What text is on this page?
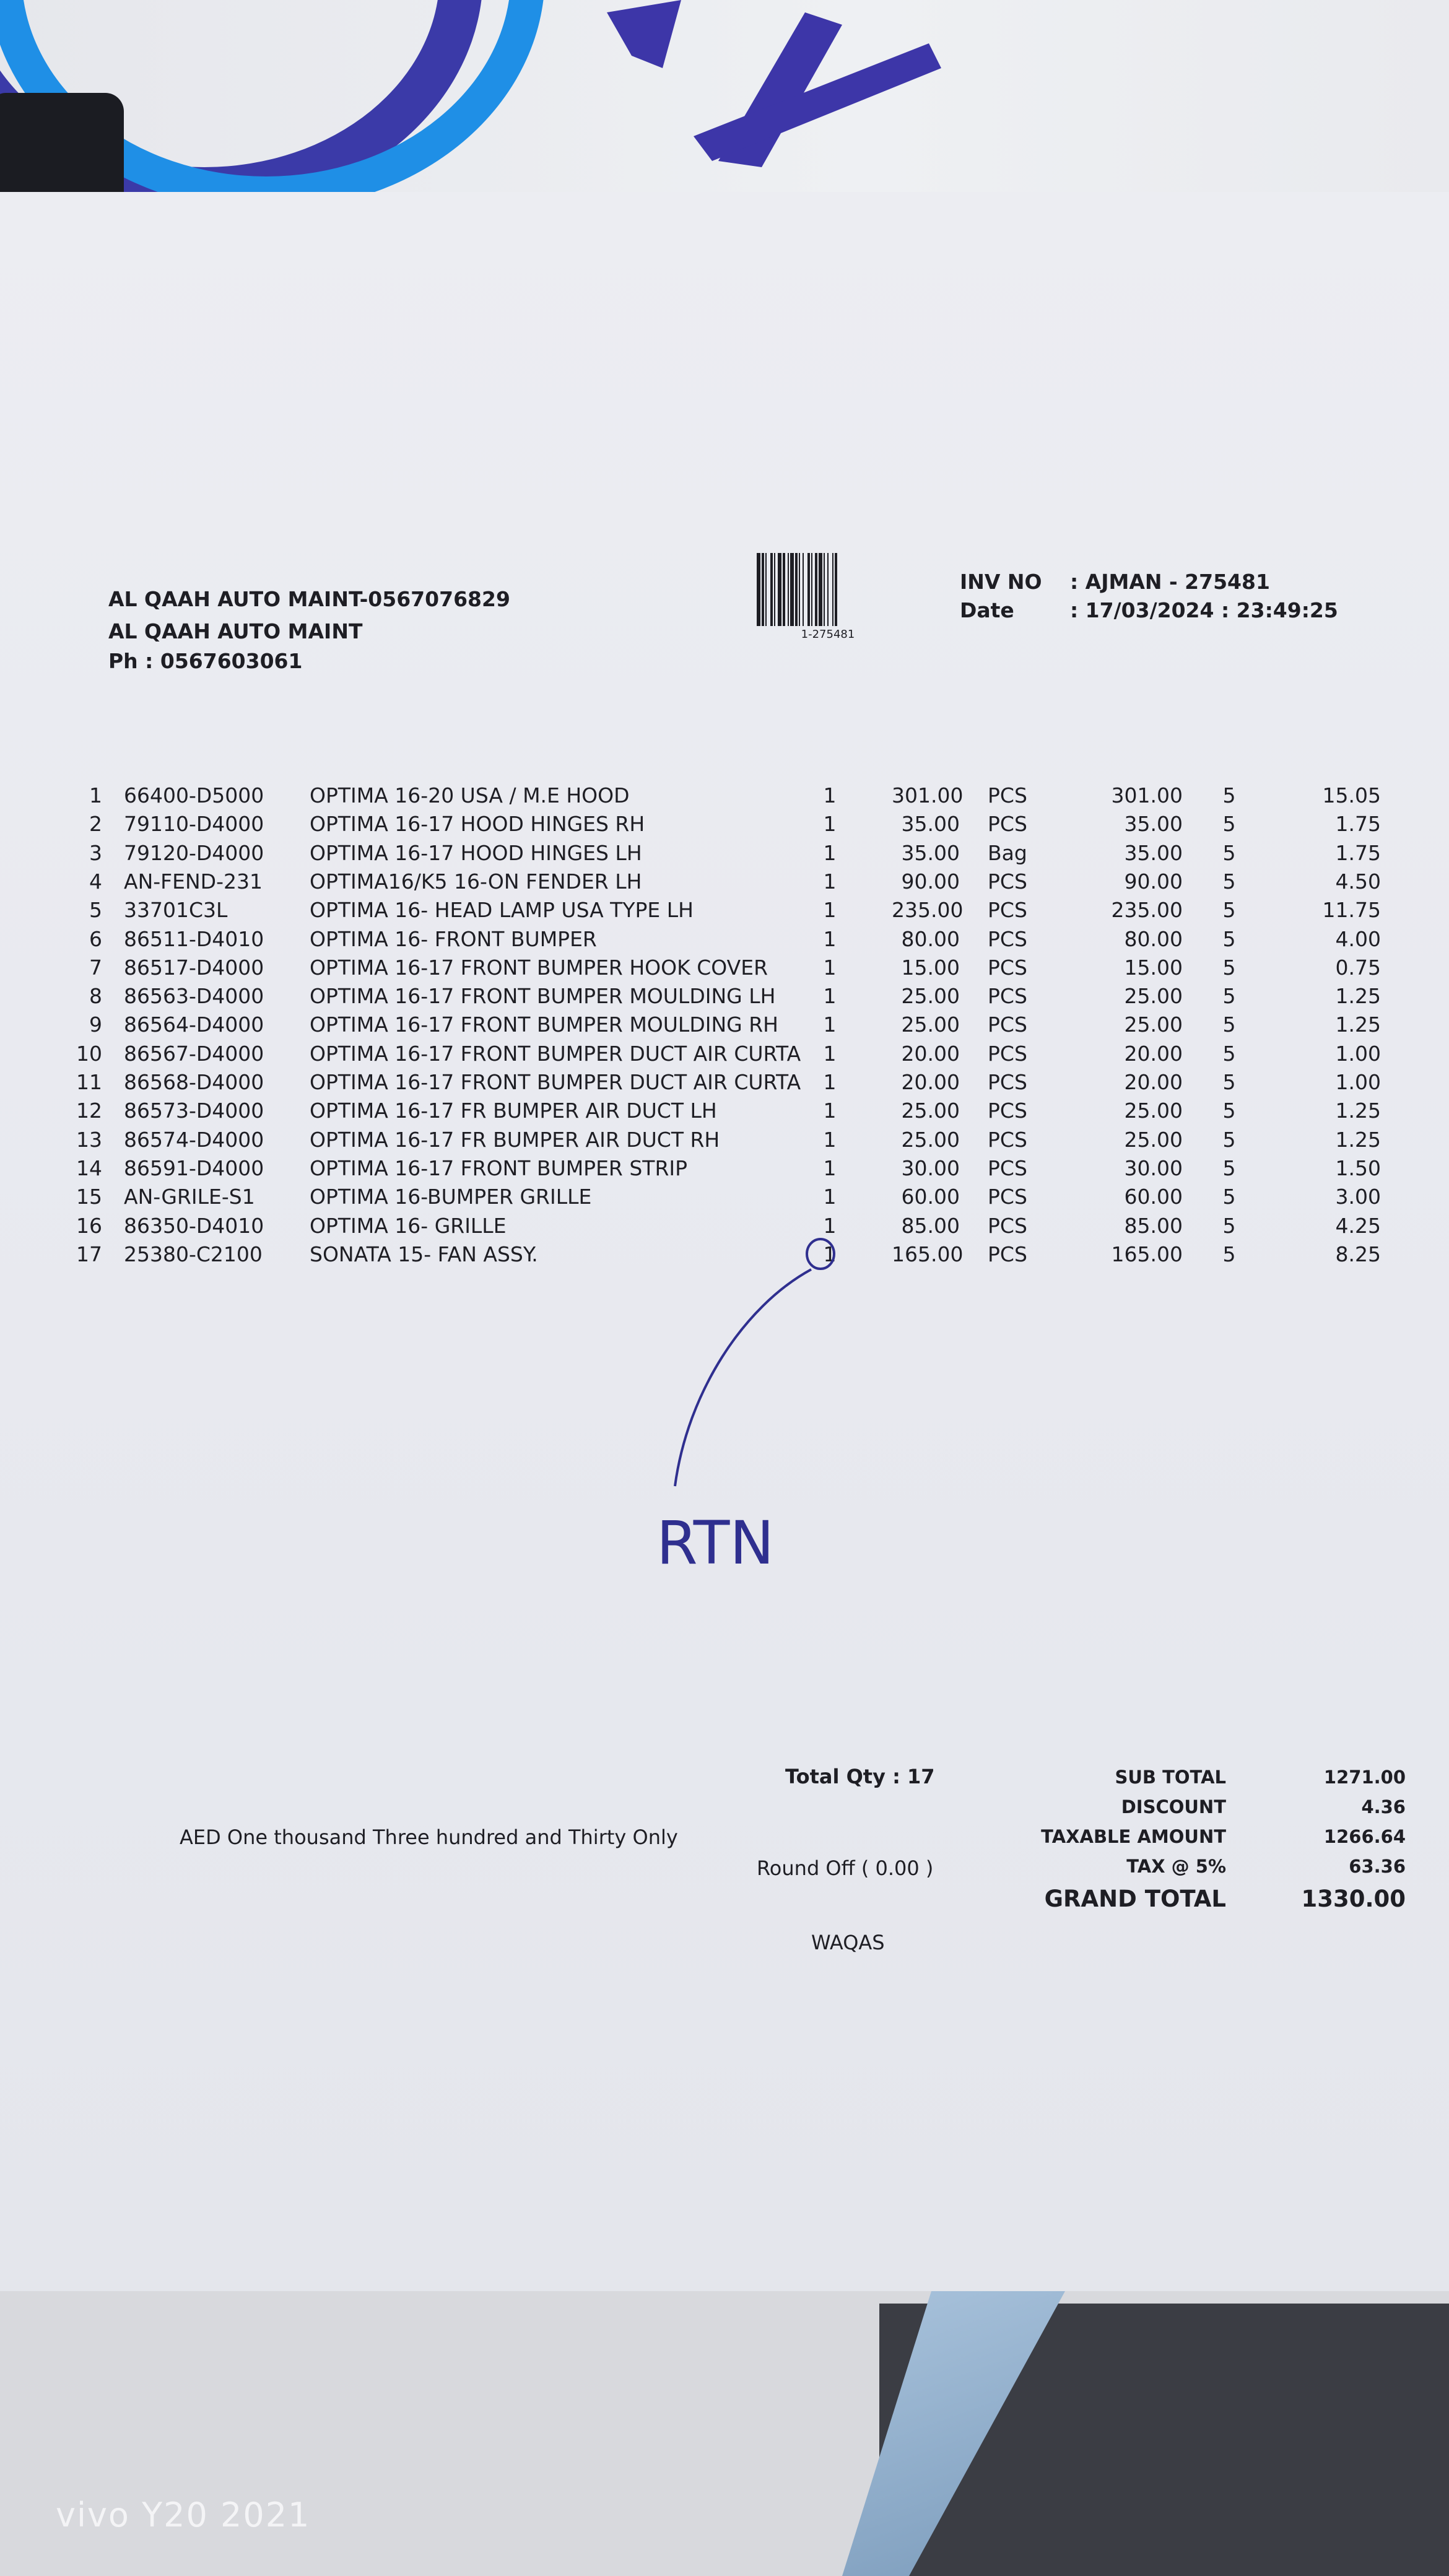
AL QAAH AUTO MAINT-0567076829
AL QAAH AUTO MAINT
Ph : 0567603061
1-275481
INV NO : AJMAN - 275481
Date	: 17/03/2024 : 23:49:25
1 66400-D5000 OPTIMA 16-20 USA / M.E HOOD	1	301.00 PCS	301.00 5	15.05
2 79110-D4000 OPTIMA 16-17 HOOD HINGES RH	1	35.00 PCS	35.00 5	1.75
3 79120-D4000 OPTIMA 16-17 HOOD HINGES LH	1	35.00 Bag	35.00 5	1.75
4 AN-FEND-231 OPTIMA16/K5 16-ON FENDER LH	1	90.00 PCS	90.00 5	4.50
5 33701C3L	OPTIMA 16- HEAD LAMP USA TYPE LH	1	235.00 PCS	235.00 5	11.75
6 86511-D4010 OPTIMA 16- FRONT BUMPER	1	80.00 PCS	80.00 5	4.00
7 86517-D4000 OPTIMA 16-17 FRONT BUMPER HOOK COVER	1	15.00 PCS	15.00 5	0.75
8 86563-D4000 OPTIMA 16-17 FRONT BUMPER MOULDING LH 1	25.00 PCS	25.00 5	1.25
9 86564-D4000 OPTIMA 16-17 FRONT BUMPER MOULDING RH 1	25.00 PCS	25.00 5	1.25
10 86567-D4000 OPTIMA 16-17 FRONT BUMPER DUCT AIR CURTA 1	20.00 PCS	20.00 5	1.00
11 86568-D4000 OPTIMA 16-17 FRONT BUMPER DUCT AIR CURTA 1	20.00 PCS	20.00 5	1.00
12 86573-D4000 OPTIMA 16-17 FR BUMPER AIR DUCT LH	1	25.00 PCS	25.00 5	1.25
13 86574-D4000 OPTIMA 16-17 FR BUMPER AIR DUCT RH	1	25.00 PCS	25.00 5	1.25
14 86591-D4000 OPTIMA 16-17 FRONT BUMPER STRIP	1	30.00 PCS	30.00 5	1.50
15 AN-GRILE-S1	OPTIMA 16-BUMPER GRILLE	1	60.00 PCS	60.00 5	3.00
16 86350-D4010 OPTIMA 16- GRILLE	1	85.00 PCS	85.00 5	4.25
17 25380-C2100 SONATA 15- FAN ASSY.	1	165.00 PCS	165.00 5	8.25
RTN
Total Qty : 17
AED One thousand Three hundred and Thirty Only
Round Off ( 0.00 )
SUB TOTAL	1271.00
DISCOUNT	4.36
TAXABLE AMOUNT	1266.64
TAX @ 5%	63.36
GRAND TOTAL	1330.00
WAQAS
vivo Y20 2021
